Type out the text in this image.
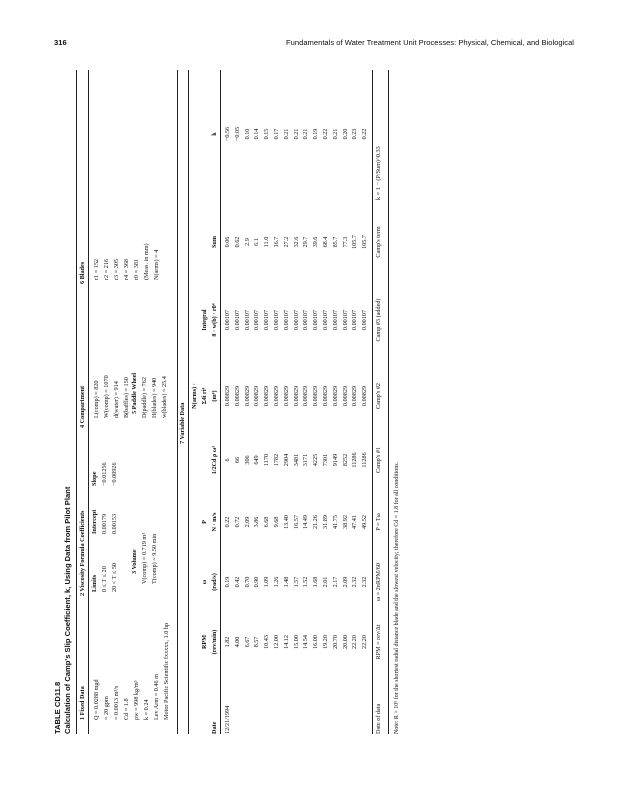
316	Fundamentals of Water Treatment Unit Processes: Physical, Chemical, and Biological
TABLE CD11.8 Calculation of Camp's Slip Coefficient, k, Using Data from Pilot Plant 1 Fixed Data
2 Viscosity Formula Coefficients
4 Compartment
6 Blades
Q = 0.0288 mgd = 20 gpm = 0.0013 m³/s Cd = 1.8 ρw = 998 kg/m³ k = 0.24 Lev Arm = 0.46 m Motor Pacific Scientific fxxxxx, 1.0 hp
Limits
Intercept
Slope
0 ≤ T ≤ 20
0.00179
−0.01256
20 < T ≤ 50
0.00153
−0.00926
3 Volume V(comp) = 0.719 m³ T(comp) = 9.50 min
L(comp) = 820 W(comp) = 1070 d(water) = 914 B(baffles) = 150 5 Paddle Wheel D(paddle) = 762 H(blades) = 940 w(blades) = 25.4
r1 = 152 r2 = 216 r3 = 305 r4 = 368 r0 = 381 (Meas. in mm) N(arms) = 4
7 Variable Data
Date
RPM (rev/min)
ω (rad/s)
P N · m/s
1/2Cd ρ ω³
N(arms) · Σ4i ri⁴ (m⁴)
Integral 8 · w(b) · r0⁴
Sum
k
12/21/1994
1.82
0.19
0.22
6
0.00829
0.00107
0.06
−0.56
4.00
0.42
0.72
66
0.00829
0.00107
0.62
−0.05
6.67
0.70
2.09
306
0.00829
0.00107
2.9
0.10
8.57
0.90
3.86
649
0.00829
0.00107
6.1
0.14
10.43
1.09
6.68
1170
0.00829
0.00107
11.0
0.15
12.00
1.26
9.68
1782
0.00829
0.00107
16.7
0.17
14.12
1.48
13.40
2904
0.00829
0.00107
27.2
0.21
15.00
1.57
16.57
3481
0.00829
0.00107
32.6
0.21
14.54
1.52
14.49
3171
0.00829
0.00107
29.7
0.21
16.00
1.68
21.26
4225
0.00829
0.00107
39.6
0.19
19.20
2.01
31.89
7301
0.00829
0.00107
68.4
0.22
20.70
2.17
41.75
9149
0.00829
0.00107
85.7
0.21
20.00
2.09
38.92
8252
0.00829
0.00107
77.3
0.20
22.20
2.32
47.41
11286
0.00829
0.00107
105.7
0.23
22.20
2.32
49.52
11286
0.00829
0.00107
105.7
0.22
Date of data
RPM = rev/Δt
ω = 2πRPM/60
P = Tω
Camp's #1
Camp's #2
Camp #3 (added)
Camp's term
k = 1 − (P/Sum)^0.33
Note: R > 10⁵ for the shortest radial distance blade and the slowest velocity; therefore Cd = 1.8 for all conditions.
